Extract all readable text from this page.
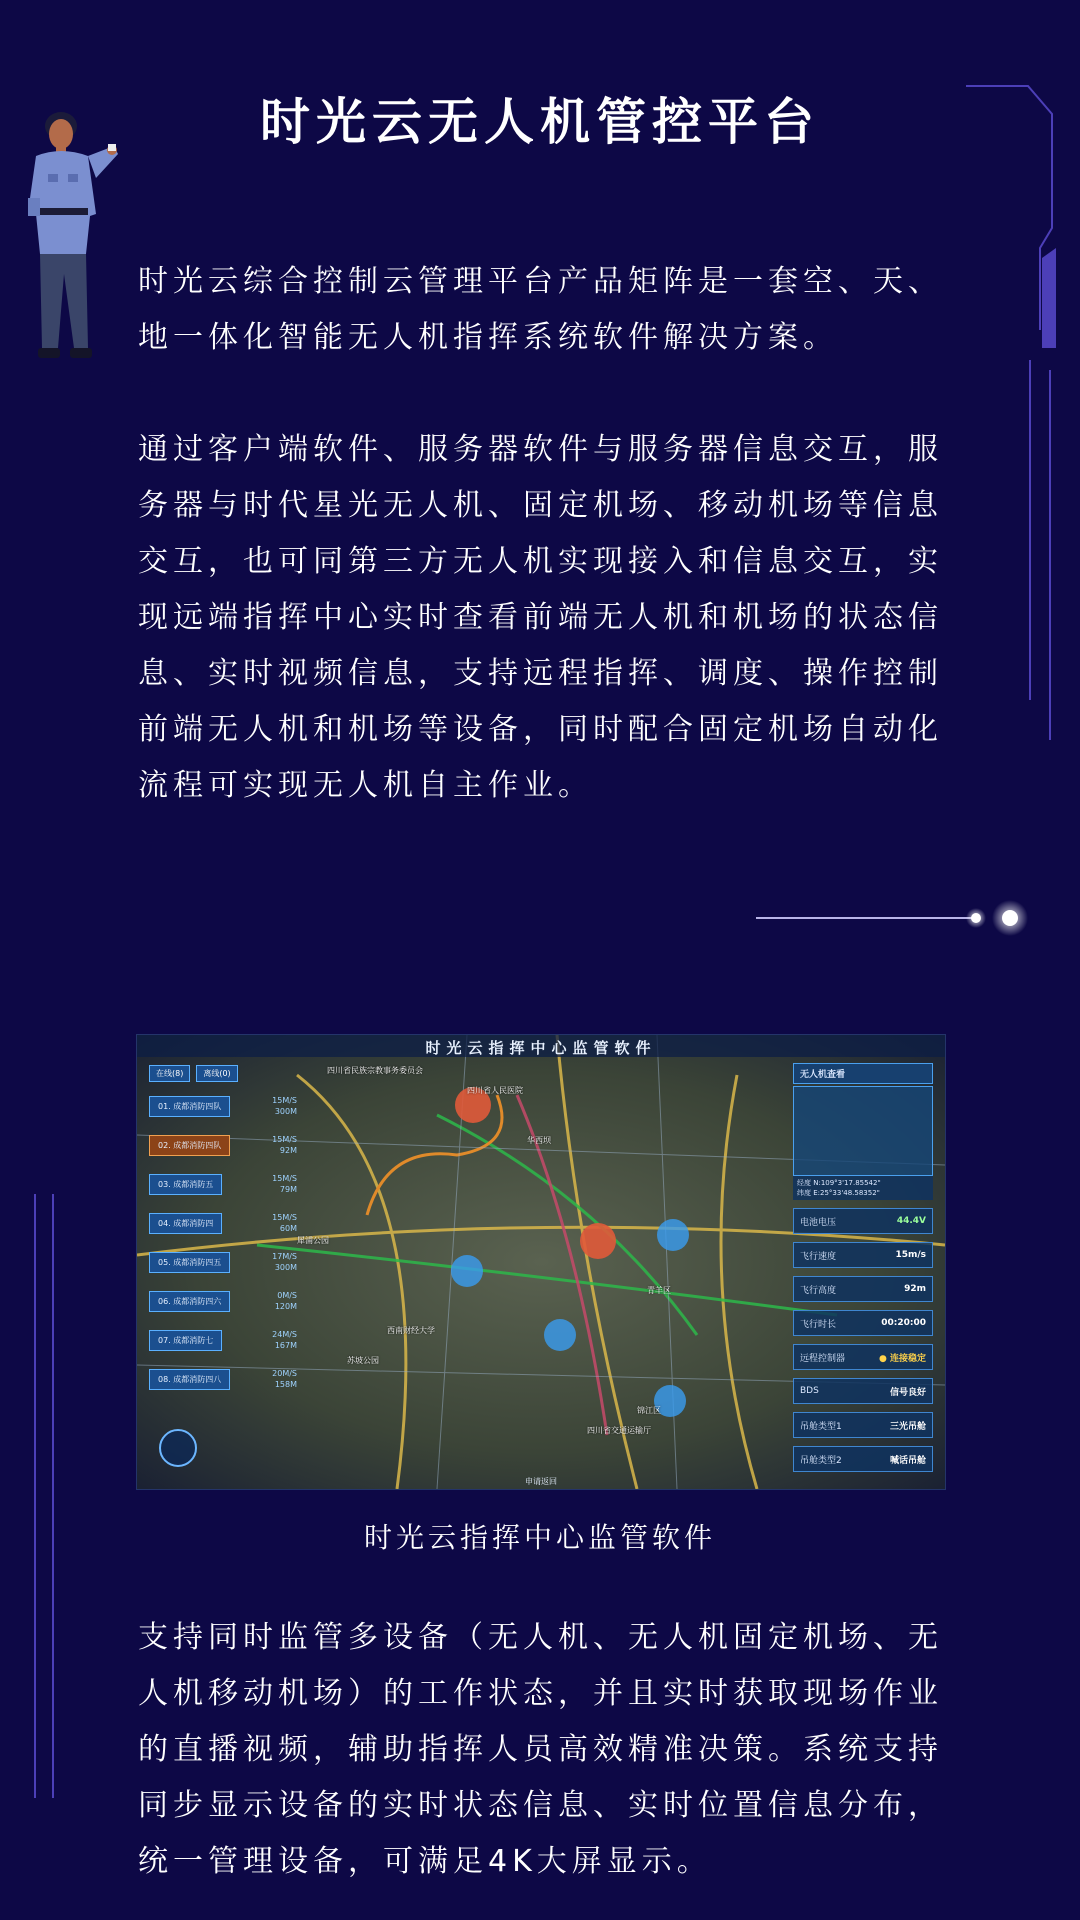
时光云无人机管控平台

时光云综合控制云管理平台产品矩阵是一套空、天、地一体化智能无人机指挥系统软件解决方案。

通过客户端软件、服务器软件与服务器信息交互，服务器与时代星光无人机、固定机场、移动机场等信息交互，也可同第三方无人机实现接入和信息交互，实现远端指挥中心实时查看前端无人机和机场的状态信息、实时视频信息，支持远程指挥、调度、操作控制前端无人机和机场等设备，同时配合固定机场自动化流程可实现无人机自主作业。

时光云指挥中心监管软件
在线(8)	离线(0)
01. 成都消防四队
15M/S
300M
02. 成都消防四队
15M/S
92M
03. 成都消防五
15M/S
79M
04. 成都消防四
15M/S
60M
05. 成都消防四五
17M/S
300M
06. 成都消防四六
0M/S
120M
07. 成都消防七
24M/S
167M
08. 成都消防四八
20M/S
158M
无人机查看
经度 N:109°3'17.85542"
纬度 E:25°33'48.58352"
电池电压	44.4V
飞行速度	15m/s
飞行高度	92m
飞行时长	00:20:00
远程控制器	● 连接稳定
BDS	信号良好
吊舱类型1	三光吊舱
吊舱类型2	喊话吊舱
申请返回
四川省民族宗教事务委员会
四川省人民医院
华西坝
犀浦公园
青羊区
锦江区
西南财经大学
四川省交通运输厅
苏坡公园
时光云指挥中心监管软件

支持同时监管多设备（无人机、无人机固定机场、无人机移动机场）的工作状态，并且实时获取现场作业的直播视频，辅助指挥人员高效精准决策。系统支持同步显示设备的实时状态信息、实时位置信息分布，统一管理设备，可满足4K大屏显示。
